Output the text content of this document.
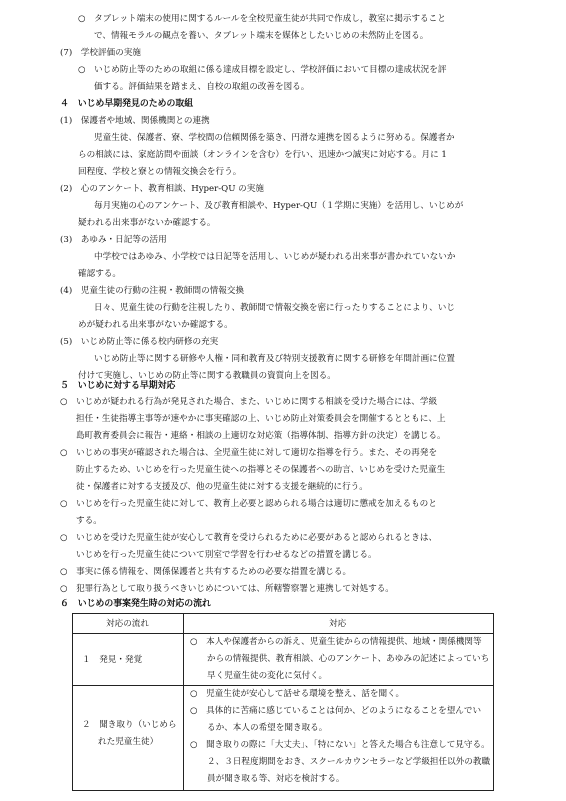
○　タブレット端末の使用に関するルールを全校児童生徒が共同で作成し，教室に掲示すること
で、情報モラルの観点を養い、タブレット端末を媒体としたいじめの未然防止を図る。
(7)　学校評価の実施
○　いじめ防止等のための取組に係る達成目標を設定し、学校評価において目標の達成状況を評
価する。評価結果を踏まえ、自校の取組の改善を図る。
４　いじめ早期発見のための取組
(1)　保護者や地域、関係機関との連携
児童生徒、保護者、寮、学校間の信頼関係を築き、円滑な連携を図るように努める。保護者か
らの相談には、家庭訪問や面談（オンラインを含む）を行い、迅速かつ誠実に対応する。月に 1
回程度、学校と寮との情報交換会を行う。
(2)　心のアンケート、教育相談、Hyper-QU の実施
毎月実施の心のアンケート、及び教育相談や、Hyper-QU（１学期に実施）を活用し、いじめが
疑われる出来事がないか確認する。
(3)　あゆみ・日記等の活用
中学校ではあゆみ、小学校では日記等を活用し、いじめが疑われる出来事が書かれていないか
確認する。
(4)　児童生徒の行動の注視・教師間の情報交換
日々、児童生徒の行動を注視したり、教師間で情報交換を密に行ったりすることにより、いじ
めが疑われる出来事がないか確認する。
(5)　いじめ防止等に係る校内研修の充実
いじめ防止等に関する研修や人権・同和教育及び特別支援教育に関する研修を年間計画に位置
付けて実施し、いじめの防止等に関する教職員の資質向上を図る。
５　いじめに対する早期対応
○　いじめが疑われる行為が発見された場合、また、いじめに関する相談を受けた場合には、学級
担任・生徒指導主事等が速やかに事実確認の上、いじめ防止対策委員会を開催するとともに、上
島町教育委員会に報告・連絡・相談の上適切な対応策（指導体制、指導方針の決定）を講じる。
○　いじめの事実が確認された場合は、全児童生徒に対して適切な指導を行う。また、その再発を
防止するため、いじめを行った児童生徒への指導とその保護者への助言、いじめを受けた児童生
徒・保護者に対する支援及び、他の児童生徒に対する支援を継続的に行う。
○　いじめを行った児童生徒に対して、教育上必要と認められる場合は適切に懲戒を加えるものと
する。
○　いじめを受けた児童生徒が安心して教育を受けられるために必要があると認められるときは、
いじめを行った児童生徒について別室で学習を行わせるなどの措置を講じる。
○　事実に係る情報を、関係保護者と共有するための必要な措置を講じる。
○　犯罪行為として取り扱うべきいじめについては、所轄警察署と連携して対処する。
６　いじめの事案発生時の対応の流れ
対応の流れ	対応
１　発見・発覚
○　本人や保護者からの訴え、児童生徒からの情報提供、地域・関係機関等
からの情報提供、教育相談、心のアンケート、あゆみの記述によっていち
早く児童生徒の変化に気付く。
２　聞き取り（いじめら
れた児童生徒）
○　児童生徒が安心して話せる環境を整え、話を聞く。
○　具体的に苦痛に感じていることは何か、どのようになることを望んでい
るか、本人の希望を聞き取る。
○　聞き取りの際に「大丈夫」、「特にない」と答えた場合も注意して見守る。
２、３日程度期間をおき、スクールカウンセラーなど学級担任以外の教職
員が聞き取る等、対応を検討する。
